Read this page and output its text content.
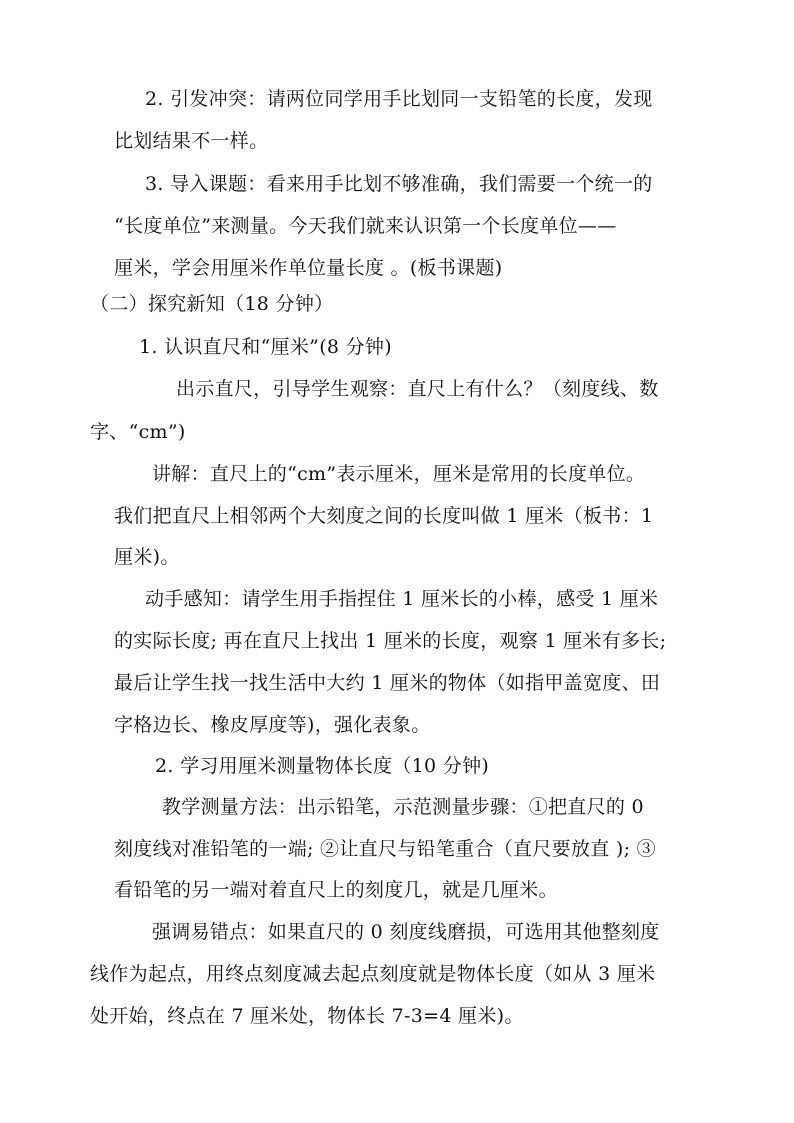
2. 引发冲突：请两位同学用手比划同一支铅笔的长度，发现
比划结果不一样。
3. 导入课题：看来用手比划不够准确，我们需要一个统一的
“长度单位”来测量。今天我们就来认识第一个长度单位——
厘米，学会用厘米作单位量长度 。(板书课题)
（二）探究新知（18 分钟）
1. 认识直尺和“厘米”(8 分钟)
出示直尺，引导学生观察：直尺上有什么？（刻度线、数
字、“cm”)
讲解：直尺上的“cm”表示厘米，厘米是常用的长度单位。
我们把直尺上相邻两个大刻度之间的长度叫做 1 厘米（板书：1
厘米)。
动手感知：请学生用手指捏住 1 厘米长的小棒，感受 1 厘米
的实际长度; 再在直尺上找出 1 厘米的长度，观察 1 厘米有多长;
最后让学生找一找生活中大约 1 厘米的物体（如指甲盖宽度、田
字格边长、橡皮厚度等)，强化表象。
2. 学习用厘米测量物体长度（10 分钟)
教学测量方法：出示铅笔，示范测量步骤：①把直尺的 0
刻度线对准铅笔的一端; ②让直尺与铅笔重合（直尺要放直 ); ③
看铅笔的另一端对着直尺上的刻度几，就是几厘米。
强调易错点：如果直尺的 0 刻度线磨损，可选用其他整刻度
线作为起点，用终点刻度减去起点刻度就是物体长度（如从 3 厘米
处开始，终点在 7 厘米处，物体长 7-3=4 厘米)。
